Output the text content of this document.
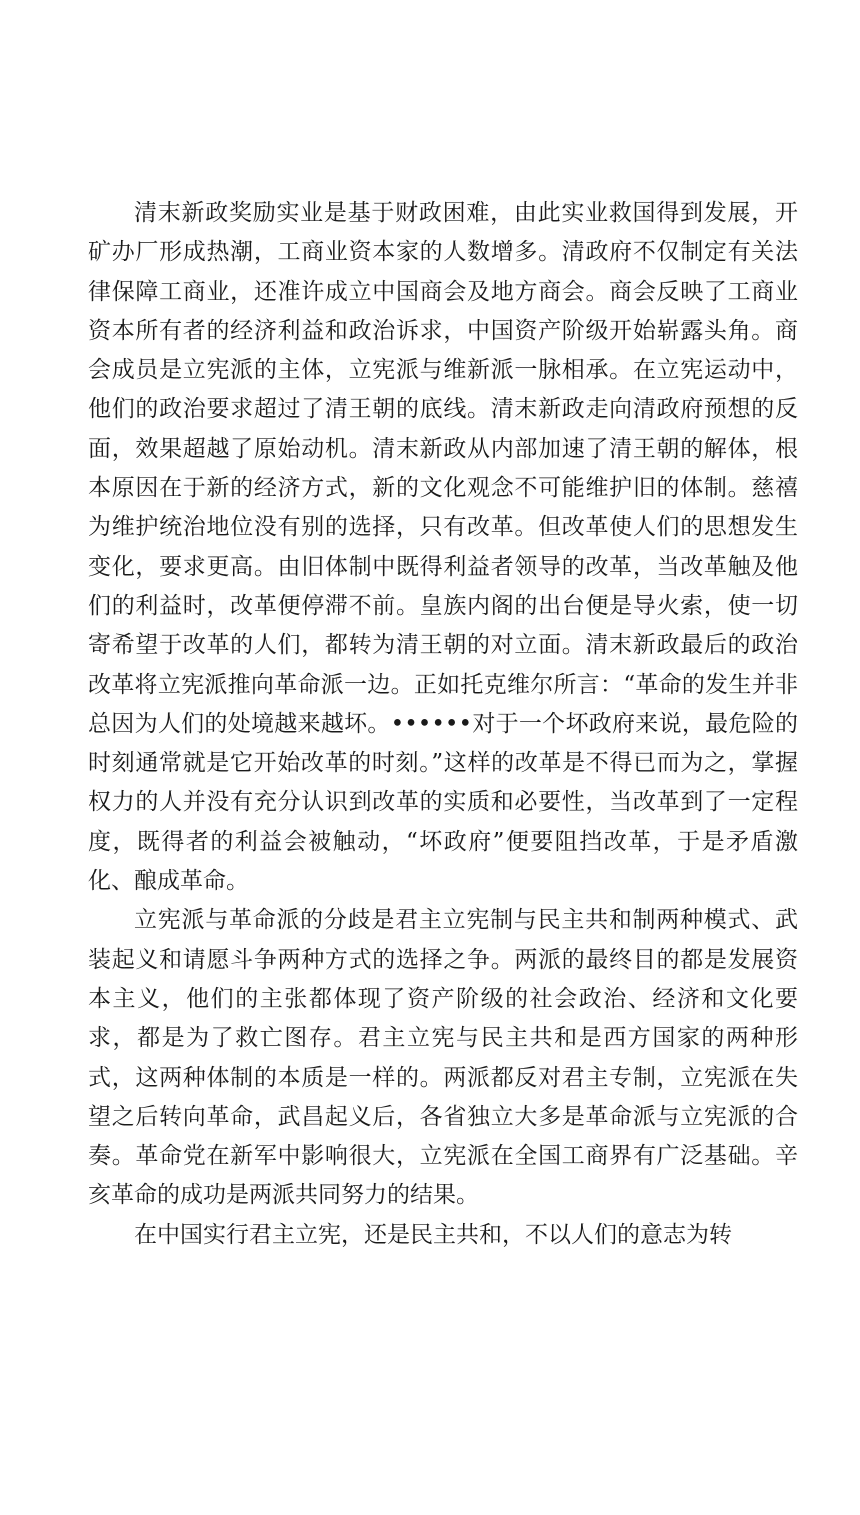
清末新政奖励实业是基于财政困难，由此实业救国得到发展，开矿办厂形成热潮，工商业资本家的人数增多。清政府不仅制定有关法律保障工商业，还准许成立中国商会及地方商会。商会反映了工商业资本所有者的经济利益和政治诉求，中国资产阶级开始崭露头角。商会成员是立宪派的主体，立宪派与维新派一脉相承。在立宪运动中，他们的政治要求超过了清王朝的底线。清末新政走向清政府预想的反面，效果超越了原始动机。清末新政从内部加速了清王朝的解体，根本原因在于新的经济方式，新的文化观念不可能维护旧的体制。慈禧为维护统治地位没有别的选择，只有改革。但改革使人们的思想发生变化，要求更高。由旧体制中既得利益者领导的改革，当改革触及他们的利益时，改革便停滞不前。皇族内阁的出台便是导火索，使一切寄希望于改革的人们，都转为清王朝的对立面。清末新政最后的政治改革将立宪派推向革命派一边。正如托克维尔所言：“革命的发生并非总因为人们的处境越来越坏。••••••对于一个坏政府来说，最危险的时刻通常就是它开始改革的时刻。”这样的改革是不得已而为之，掌握权力的人并没有充分认识到改革的实质和必要性，当改革到了一定程度，既得者的利益会被触动，“坏政府”便要阻挡改革，于是矛盾激化、酿成革命。

立宪派与革命派的分歧是君主立宪制与民主共和制两种模式、武装起义和请愿斗争两种方式的选择之争。两派的最终目的都是发展资本主义，他们的主张都体现了资产阶级的社会政治、经济和文化要求，都是为了救亡图存。君主立宪与民主共和是西方国家的两种形式，这两种体制的本质是一样的。两派都反对君主专制，立宪派在失望之后转向革命，武昌起义后，各省独立大多是革命派与立宪派的合奏。革命党在新军中影响很大，立宪派在全国工商界有广泛基础。辛亥革命的成功是两派共同努力的结果。

在中国实行君主立宪，还是民主共和，不以人们的意志为转
